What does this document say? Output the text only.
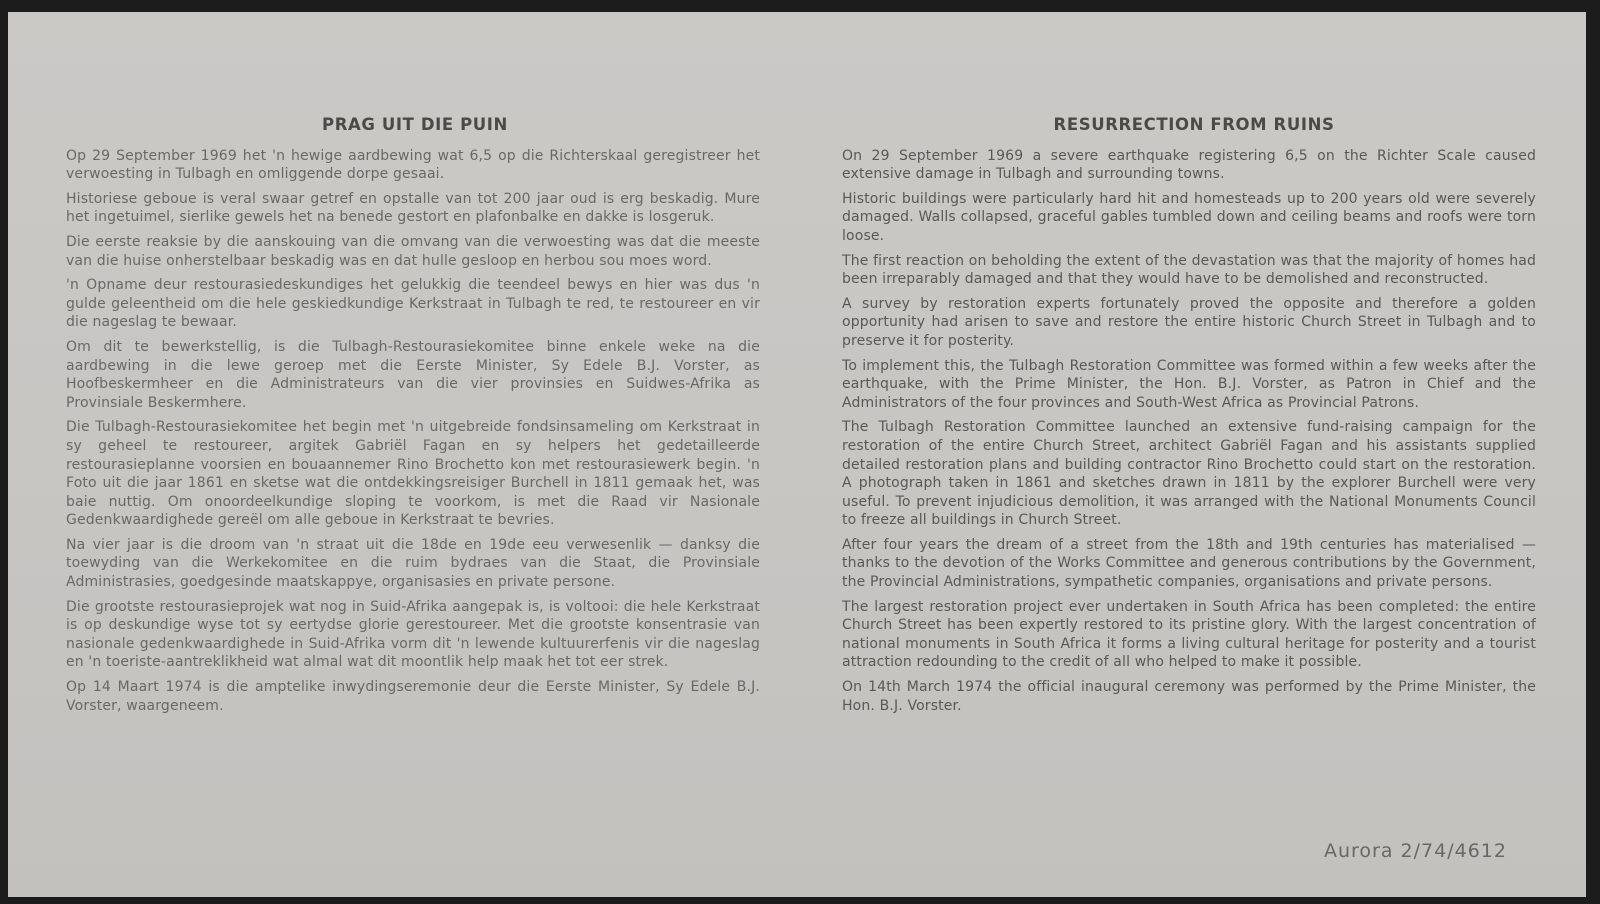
PRAG UIT DIE PUIN

Op 29 September 1969 het 'n hewige aardbewing wat 6,5 op die Richterskaal geregistreer het verwoesting in Tulbagh en omliggende dorpe gesaai.

Historiese geboue is veral swaar getref en opstalle van tot 200 jaar oud is erg beskadig. Mure het ingetuimel, sierlike gewels het na benede gestort en plafonbalke en dakke is losgeruk.

Die eerste reaksie by die aanskouing van die omvang van die verwoesting was dat die meeste van die huise onherstelbaar beskadig was en dat hulle gesloop en herbou sou moes word.

'n Opname deur restourasiedeskundiges het gelukkig die teendeel bewys en hier was dus 'n gulde geleentheid om die hele geskiedkundige Kerkstraat in Tulbagh te red, te restoureer en vir die nageslag te bewaar.

Om dit te bewerkstellig, is die Tulbagh-Restourasiekomitee binne enkele weke na die aardbewing in die lewe geroep met die Eerste Minister, Sy Edele B.J. Vorster, as Hoofbeskermheer en die Administrateurs van die vier provinsies en Suidwes-Afrika as Provinsiale Beskermhere.

Die Tulbagh-Restourasiekomitee het begin met 'n uitgebreide fondsinsameling om Kerkstraat in sy geheel te restoureer, argitek Gabriël Fagan en sy helpers het gedetailleerde restourasieplanne voorsien en bouaannemer Rino Brochetto kon met restourasiewerk begin. 'n Foto uit die jaar 1861 en sketse wat die ontdekkingsreisiger Burchell in 1811 gemaak het, was baie nuttig. Om onoordeelkundige sloping te voorkom, is met die Raad vir Nasionale Gedenkwaardighede gereël om alle geboue in Kerkstraat te bevries.

Na vier jaar is die droom van 'n straat uit die 18de en 19de eeu verwesenlik — danksy die toewyding van die Werkekomitee en die ruim bydraes van die Staat, die Provinsiale Administrasies, goedgesinde maatskappye, organisasies en private persone.

Die grootste restourasieprojek wat nog in Suid-Afrika aangepak is, is voltooi: die hele Kerkstraat is op deskundige wyse tot sy eertydse glorie gerestoureer. Met die grootste konsentrasie van nasionale gedenkwaardighede in Suid-Afrika vorm dit 'n lewende kultuurerfenis vir die nageslag en 'n toeriste-aantreklikheid wat almal wat dit moontlik help maak het tot eer strek.

Op 14 Maart 1974 is die amptelike inwydingseremonie deur die Eerste Minister, Sy Edele B.J. Vorster, waargeneem.

RESURRECTION FROM RUINS

On 29 September 1969 a severe earthquake registering 6,5 on the Richter Scale caused extensive damage in Tulbagh and surrounding towns.

Historic buildings were particularly hard hit and homesteads up to 200 years old were severely damaged. Walls collapsed, graceful gables tumbled down and ceiling beams and roofs were torn loose.

The first reaction on beholding the extent of the devastation was that the majority of homes had been irreparably damaged and that they would have to be demolished and reconstructed.

A survey by restoration experts fortunately proved the opposite and therefore a golden opportunity had arisen to save and restore the entire historic Church Street in Tulbagh and to preserve it for posterity.

To implement this, the Tulbagh Restoration Committee was formed within a few weeks after the earthquake, with the Prime Minister, the Hon. B.J. Vorster, as Patron in Chief and the Administrators of the four provinces and South-West Africa as Provincial Patrons.

The Tulbagh Restoration Committee launched an extensive fund-raising campaign for the restoration of the entire Church Street, architect Gabriël Fagan and his assistants supplied detailed restoration plans and building contractor Rino Brochetto could start on the restoration. A photograph taken in 1861 and sketches drawn in 1811 by the explorer Burchell were very useful. To prevent injudicious demolition, it was arranged with the National Monuments Council to freeze all buildings in Church Street.

After four years the dream of a street from the 18th and 19th centuries has materialised — thanks to the devotion of the Works Committee and generous contributions by the Government, the Provincial Administrations, sympathetic companies, organisations and private persons.

The largest restoration project ever undertaken in South Africa has been completed: the entire Church Street has been expertly restored to its pristine glory. With the largest concentration of national monuments in South Africa it forms a living cultural heritage for posterity and a tourist attraction redounding to the credit of all who helped to make it possible.

On 14th March 1974 the official inaugural ceremony was performed by the Prime Minister, the Hon. B.J. Vorster.

Aurora 2/74/4612
